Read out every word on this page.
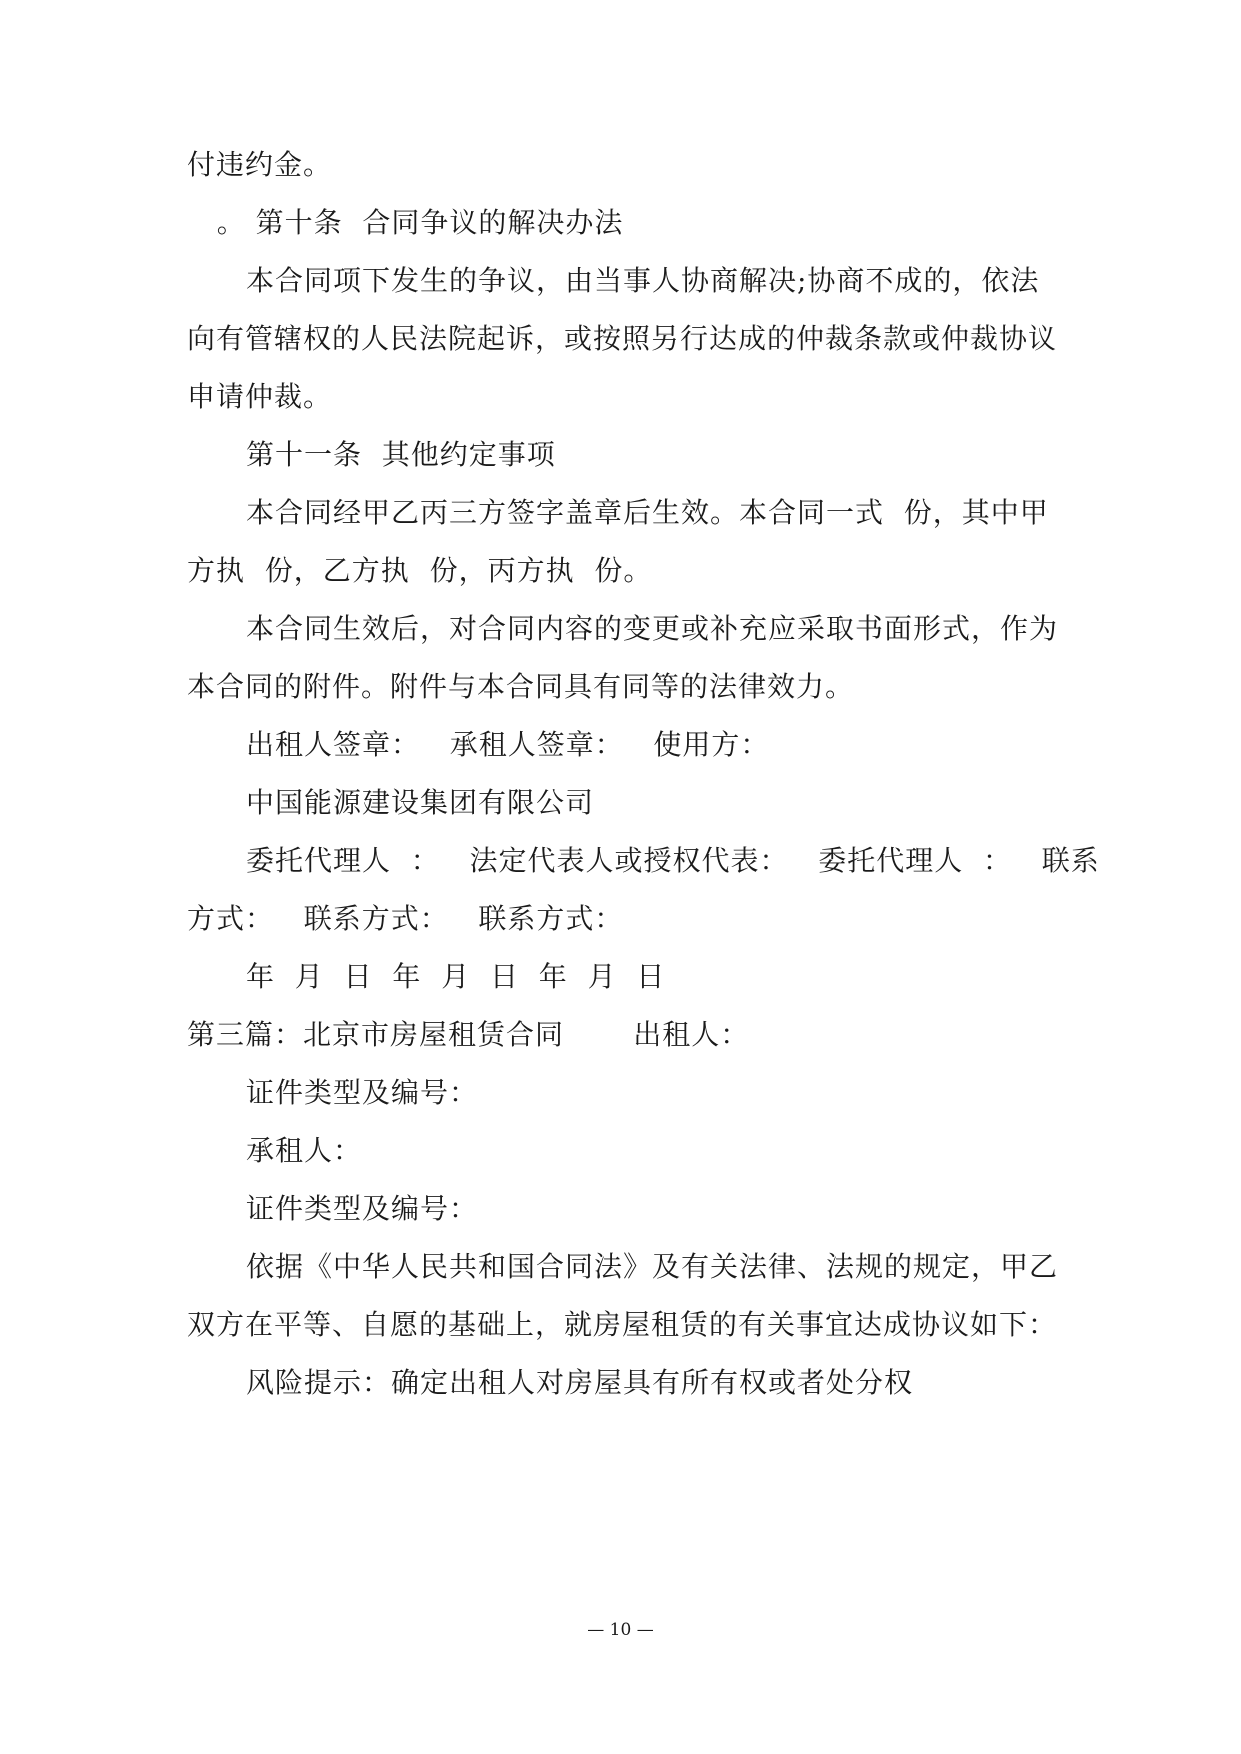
付违约金。
。 第十条  合同争议的解决办法
本合同项下发生的争议，由当事人协商解决;协商不成的，依法
向有管辖权的人民法院起诉，或按照另行达成的仲裁条款或仲裁协议
申请仲裁。
第十一条  其他约定事项
本合同经甲乙丙三方签字盖章后生效。本合同一式  份，其中甲
方执  份，乙方执  份，丙方执  份。
本合同生效后，对合同内容的变更或补充应采取书面形式，作为
本合同的附件。附件与本合同具有同等的法律效力。
出租人签章：   承租人签章：   使用方：
中国能源建设集团有限公司
委托代理人  ：   法定代表人或授权代表：   委托代理人  ：   联系
方式：   联系方式：   联系方式：
年  月  日  年  月  日  年  月  日
第三篇：北京市房屋租赁合同       出租人：
证件类型及编号：
承租人：
证件类型及编号：
依据《中华人民共和国合同法》及有关法律、法规的规定，甲乙
双方在平等、自愿的基础上，就房屋租赁的有关事宜达成协议如下：
风险提示：确定出租人对房屋具有所有权或者处分权
— 10 —
